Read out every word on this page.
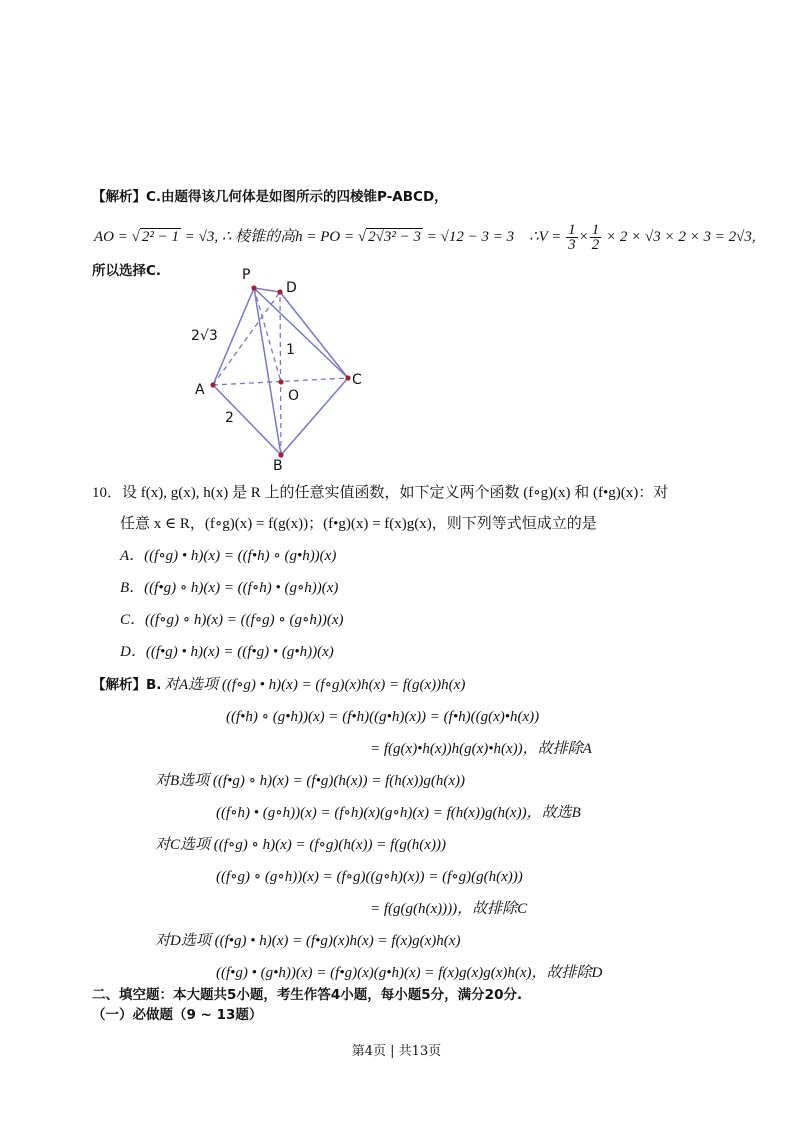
【解析】C.由题得该几何体是如图所示的四棱锥P-ABCD，
AO = √ 2² − 1 = √3, ∴ 棱锥的高h = PO = √ 2√3² − 3 = √12 − 3 = 3 ∴V = $\frac{1}{3} \times \frac{1}{2} \times 2 \times √3 \times 2 \times 3 = 2√3$,
所以选择C.	P
D
A	O
C
B
2√3
1
2
10．设 f(x), g(x), h(x) 是 R 上的任意实值函数，如下定义两个函数 (f∘g)(x) 和 (f•g)(x)：对
任意 x ∈ R，(f∘g)(x) = f(g(x))；(f•g)(x) = f(x)g(x)，则下列等式恒成立的是
A．((f∘g) • h)(x) = ((f•h) ∘ (g•h))(x)
B．((f•g) ∘ h)(x) = ((f∘h) • (g∘h))(x)
C．((f∘g) ∘ h)(x) = ((f∘g) ∘ (g∘h))(x)
D．((f•g) • h)(x) = ((f•g) • (g•h))(x)
【解析】B. 对A选项 ((f∘g) • h)(x) = (f∘g)(x)h(x) = f(g(x))h(x)
((f•h) ∘ (g•h))(x) = (f•h)((g•h)(x)) = (f•h)((g(x)•h(x))
= f(g(x)•h(x))h(g(x)•h(x))，故排除A
对B选项 ((f•g) ∘ h)(x) = (f•g)(h(x)) = f(h(x))g(h(x))
((f∘h) • (g∘h))(x) = (f∘h)(x)(g∘h)(x) = f(h(x))g(h(x))，故选B
对C选项 ((f∘g) ∘ h)(x) = (f∘g)(h(x)) = f(g(h(x)))
((f∘g) ∘ (g∘h))(x) = (f∘g)((g∘h)(x)) = (f∘g)(g(h(x)))
= f(g(g(h(x))))，故排除C
对D选项 ((f•g) • h)(x) = (f•g)(x)h(x) = f(x)g(x)h(x)
((f•g) • (g•h))(x) = (f•g)(x)(g•h)(x) = f(x)g(x)g(x)h(x)，故排除D
二、填空题：本大题共5小题，考生作答4小题，每小题5分，满分20分.
（一）必做题（9 ~ 13题）
第4页 | 共13页
